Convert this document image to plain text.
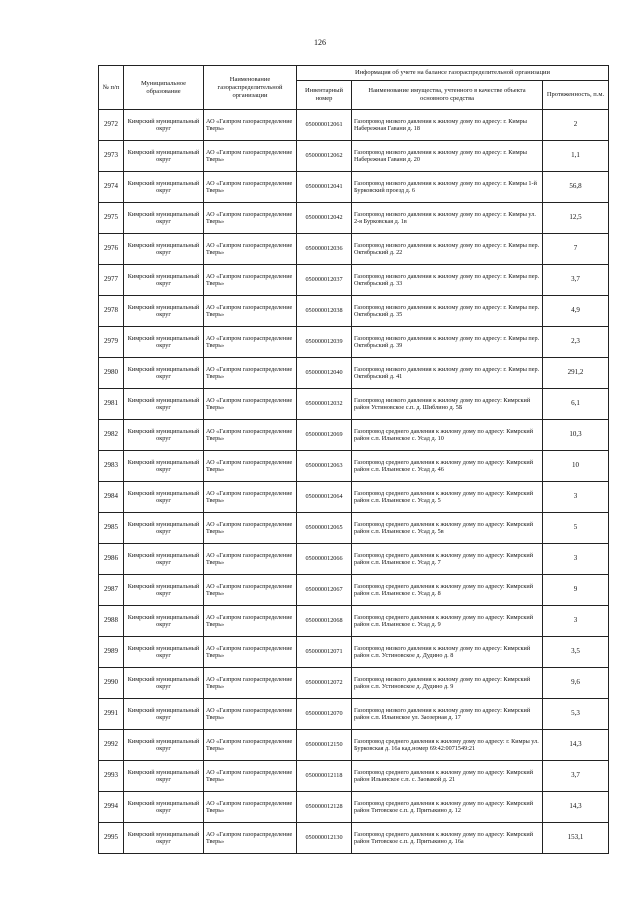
126
№ п/п	Муниципальное образование	Наименование газораспределительной организации	Информация об учете на балансе газораспределительной организации		
			Инвентарный номер	Наименование имущества, учтенного в качестве объекта основного средства	Протяженность, п.м.
2972	Кимрский муниципальный округ	АО «Газпром газораспределение Тверь»	050000012061	Газопровод низкого давления к жилому дому по адресу: г. Кимры Набережная Гавани д. 18	2
2973	Кимрский муниципальный округ	АО «Газпром газораспределение Тверь»	050000012062	Газопровод низкого давления к жилому дому по адресу: г. Кимры Набережная Гавани д. 20	1,1
2974	Кимрский муниципальный округ	АО «Газпром газораспределение Тверь»	050000012041	Газопровод низкого давления к жилому дому по адресу: г. Кимры 1-й Бурковский проезд д. 6	56,8
2975	Кимрский муниципальный округ	АО «Газпром газораспределение Тверь»	050000012042	Газопровод низкого давления к жилому дому по адресу: г. Кимры ул. 2-я Бурковская д. 1в	12,5
2976	Кимрский муниципальный округ	АО «Газпром газораспределение Тверь»	050000012036	Газопровод низкого давления к жилому дому по адресу: г. Кимры пер. Октябрьский д. 22	7
2977	Кимрский муниципальный округ	АО «Газпром газораспределение Тверь»	050000012037	Газопровод низкого давления к жилому дому по адресу: г. Кимры пер. Октябрьский д. 33	3,7
2978	Кимрский муниципальный округ	АО «Газпром газораспределение Тверь»	050000012038	Газопровод низкого давления к жилому дому по адресу: г. Кимры пер. Октябрьский д. 35	4,9
2979	Кимрский муниципальный округ	АО «Газпром газораспределение Тверь»	050000012039	Газопровод низкого давления к жилому дому по адресу: г. Кимры пер. Октябрьский д. 39	2,3
2980	Кимрский муниципальный округ	АО «Газпром газораспределение Тверь»	050000012040	Газопровод низкого давления к жилому дому по адресу: г. Кимры пер. Октябрьский д. 41	291,2
2981	Кимрский муниципальный округ	АО «Газпром газораспределение Тверь»	050000012032	Газопровод низкого давления к жилому дому по адресу: Кимрский район Устиновское с.п. д. Шиблино д. 5Б	6,1
2982	Кимрский муниципальный округ	АО «Газпром газораспределение Тверь»	050000012069	Газопровод среднего давления к жилому дому по адресу: Кимрский район с.п. Ильинское с. Усад д. 10	10,3
2983	Кимрский муниципальный округ	АО «Газпром газораспределение Тверь»	050000012063	Газопровод среднего давления к жилому дому по адресу: Кимрский район с.п. Ильинское с. Усад д. 46	10
2984	Кимрский муниципальный округ	АО «Газпром газораспределение Тверь»	050000012064	Газопровод среднего давления к жилому дому по адресу: Кимрский район с.п. Ильинское с. Усад д. 5	3
2985	Кимрский муниципальный округ	АО «Газпром газораспределение Тверь»	050000012065	Газопровод среднего давления к жилому дому по адресу: Кимрский район с.п. Ильинское с. Усад д. 5в	5
2986	Кимрский муниципальный округ	АО «Газпром газораспределение Тверь»	050000012066	Газопровод среднего давления к жилому дому по адресу: Кимрский район с.п. Ильинское с. Усад д. 7	3
2987	Кимрский муниципальный округ	АО «Газпром газораспределение Тверь»	050000012067	Газопровод среднего давления к жилому дому по адресу: Кимрский район с.п. Ильинское с. Усад д. 8	9
2988	Кимрский муниципальный округ	АО «Газпром газораспределение Тверь»	050000012068	Газопровод среднего давления к жилому дому по адресу: Кимрский район с.п. Ильинское с. Усад д. 9	3
2989	Кимрский муниципальный округ	АО «Газпром газораспределение Тверь»	050000012071	Газопровод низкого давления к жилому дому по адресу: Кимрский район с.п. Устиновское д. Дудино д. 8	3,5
2990	Кимрский муниципальный округ	АО «Газпром газораспределение Тверь»	050000012072	Газопровод низкого давления к жилому дому по адресу: Кимрский район с.п. Устиновское д. Дудино д. 9	9,6
2991	Кимрский муниципальный округ	АО «Газпром газораспределение Тверь»	050000012070	Газопровод низкого давления к жилому дому по адресу: Кимрский район с.п. Ильинское ул. Заозерная д. 17	5,3
2992	Кимрский муниципальный округ	АО «Газпром газораспределение Тверь»	050000012150	Газопровод среднего давления к жилому дому по адресу: г. Кимры ул. Бурковская д. 16а кад.номер 69:42:0071549:21	14,3
2993	Кимрский муниципальный округ	АО «Газпром газораспределение Тверь»	050000012118	Газопровод среднего давления к жилому дому по адресу: Кимрский район Ильинское с.п. с. Заовакой д. 21	3,7
2994	Кимрский муниципальный округ	АО «Газпром газораспределение Тверь»	050000012128	Газопровод среднего давления к жилому дому по адресу: Кимрский район Титовское с.п. д. Притыкино д. 12	14,3
2995	Кимрский муниципальный округ	АО «Газпром газораспределение Тверь»	050000012130	Газопровод среднего давления к жилому дому по адресу: Кимрский район Титовское с.п. д. Притыкино д. 16а	153,1
